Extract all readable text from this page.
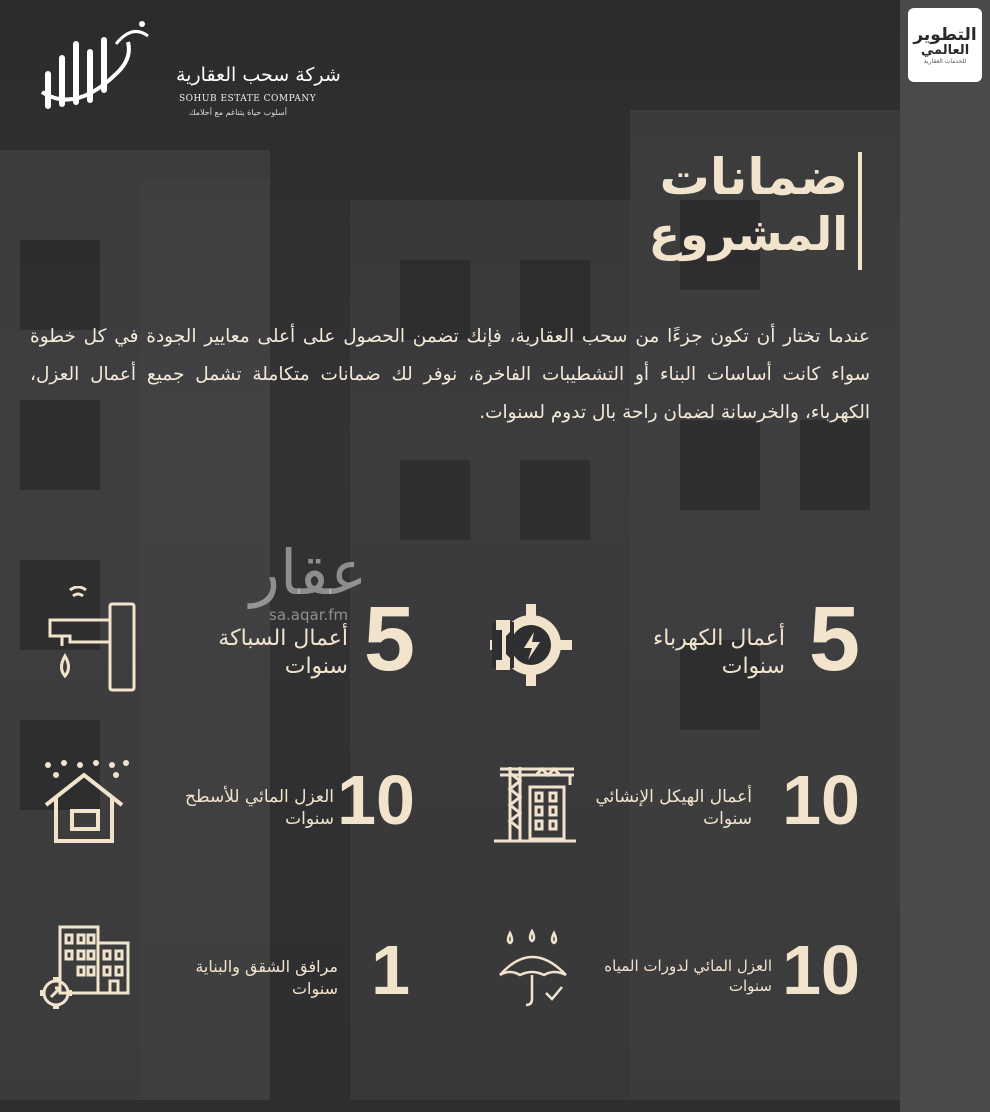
شركة سحب العقارية
SOHUB ESTATE COMPANY
أسلوب حياة يتناغم مع أحلامك
ضمانات
المشروع
عندما تختار أن تكون جزءًا من سحب العقارية، فإنك تضمن الحصول على أعلى معايير الجودة في كل خطوة سواء كانت أساسات البناء أو التشطيبات الفاخرة، نوفر لك ضمانات متكاملة تشمل جميع أعمال العزل، الكهرباء، والخرسانة لضمان راحة بال تدوم لسنوات.
عقار
sa.aqar.fm	5
أعمال الكهرباء
سنوات
5
أعمال السباكة
سنوات
10
أعمال الهيكل الإنشائي
سنوات
10
العزل المائي للأسطح
سنوات
10
العزل المائي لدورات المياه
سنوات
1
مرافق الشقق والبناية
سنوات
التطوير
العالمي
للخدمات العقارية
